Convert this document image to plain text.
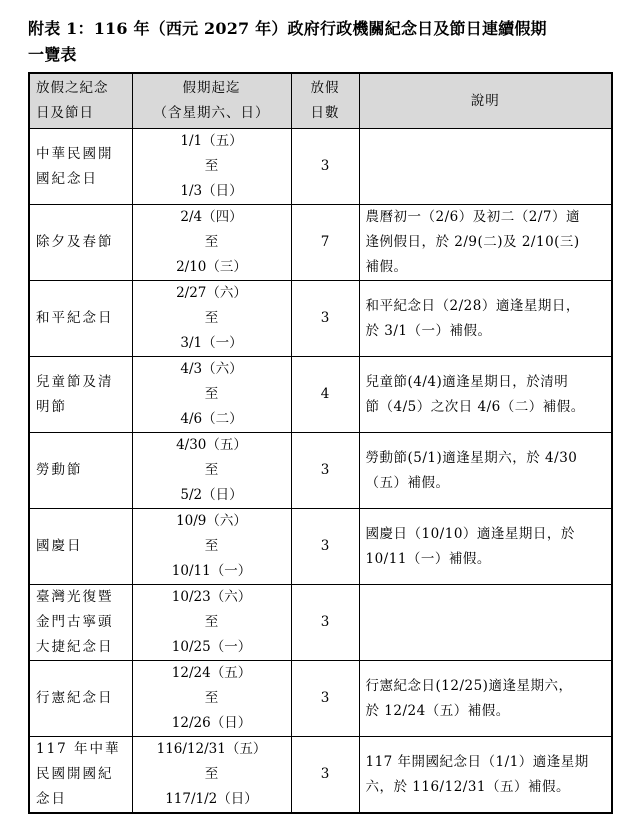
附表 1：116 年（西元 2027 年）政府行政機關紀念日及節日連續假期
一覽表
放假之紀念
日及節日	假期起迄
（含星期六、日）	放假
日數	說明

中華民國開
國紀念日	1/1（五）
至
1/3（日）	3	

除夕及春節	2/4（四）
至
2/10（三）	7	農曆初一（2/6）及初二（2/7）適
逢例假日，於 2/9(二)及 2/10(三)
補假。

和平紀念日	2/27（六）
至
3/1（一）	3	和平紀念日（2/28）適逢星期日，
於 3/1（一）補假。

兒童節及清
明節	4/3（六）
至
4/6（二）	4	兒童節(4/4)適逢星期日，於清明
節（4/5）之次日 4/6（二）補假。

勞動節	4/30（五）
至
5/2（日）	3	勞動節(5/1)適逢星期六，於 4/30
（五）補假。

國慶日	10/9（六）
至
10/11（一）	3	國慶日（10/10）適逢星期日，於
10/11（一）補假。

臺灣光復暨
金門古寧頭
大捷紀念日	10/23（六）
至
10/25（一）	3	

行憲紀念日	12/24（五）
至
12/26（日）	3	行憲紀念日(12/25)適逢星期六，
於 12/24（五）補假。

117 年中華
民國開國紀
念日	116/12/31（五）
至
117/1/2（日）	3	117 年開國紀念日（1/1）適逢星期
六，於 116/12/31（五）補假。
